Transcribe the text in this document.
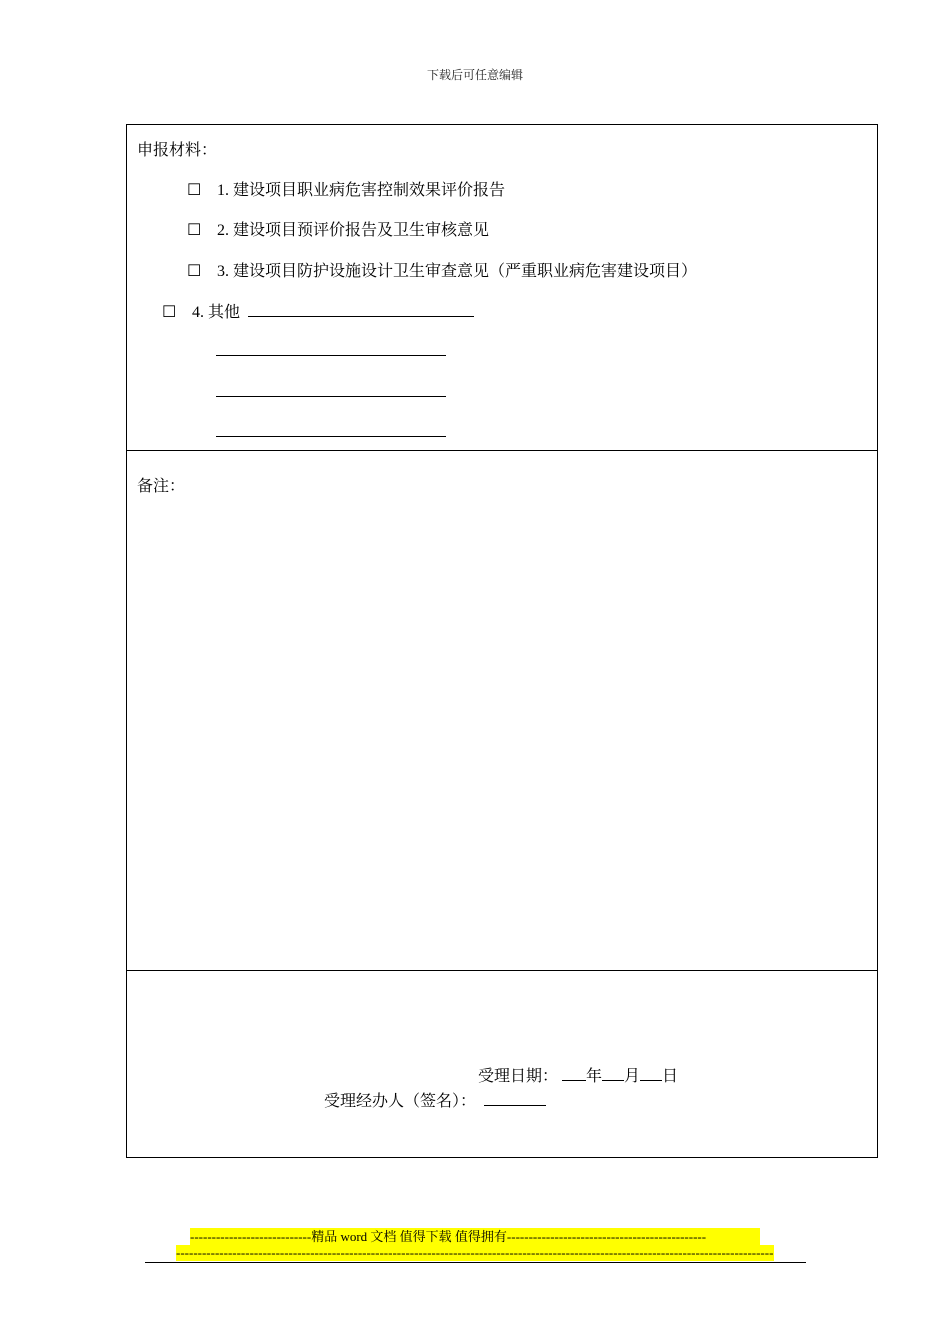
下载后可任意编辑
申报材料：
☐ 1. 建设项目职业病危害控制效果评价报告
☐ 2. 建设项目预评价报告及卫生审核意见
☐ 3. 建设项目防护设施设计卫生审查意见（严重职业病危害建设项目）
☐ 4. 其他
备注：
受理日期： 年 月 日
受理经办人（签名）：
----------------------------精品 word 文档 值得下载 值得拥有----------------------------------------------
------------------------------------------------------------------------------------------------------------------------------------------
